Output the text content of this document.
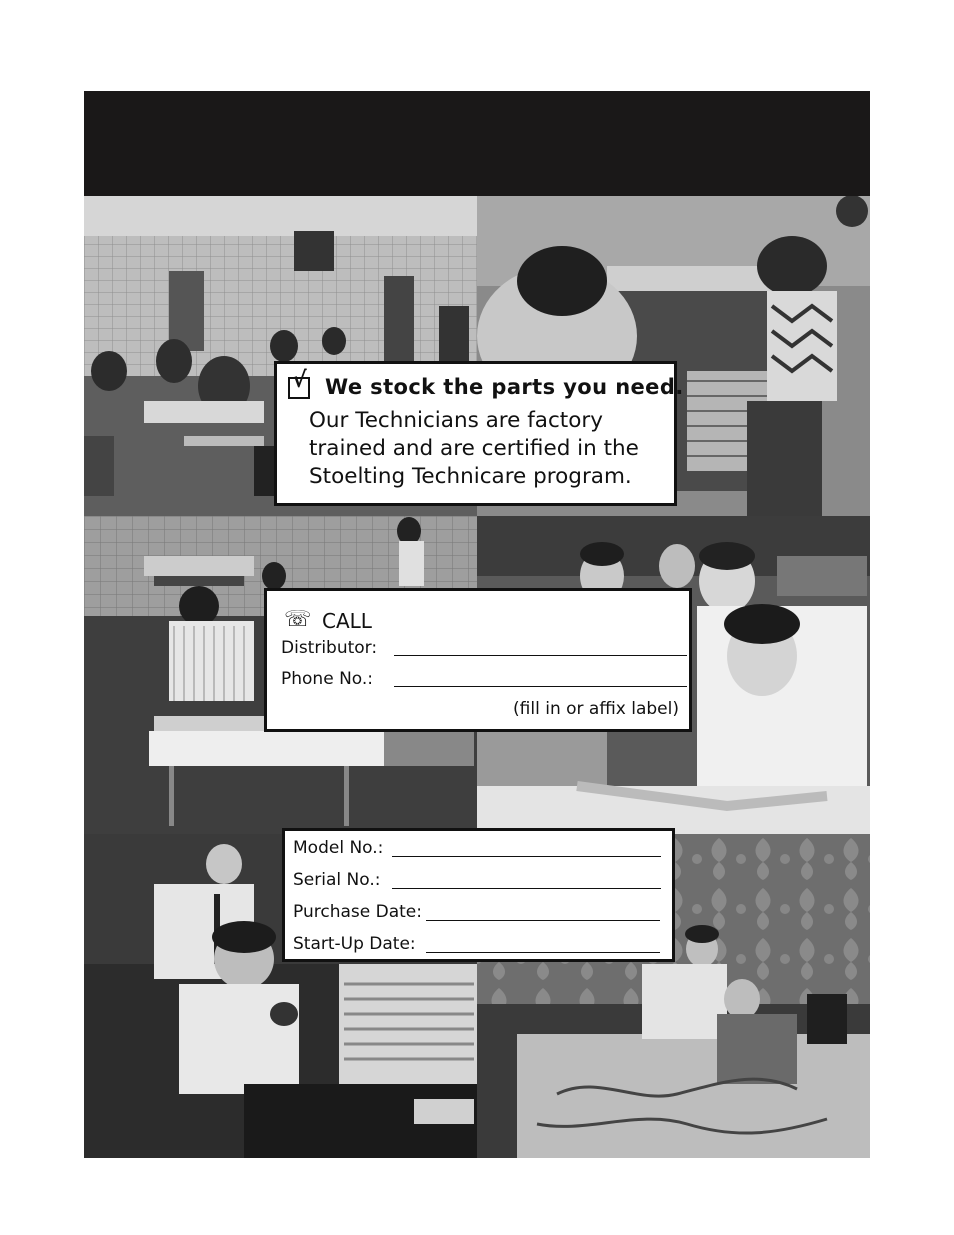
√ We stock the parts you need.
Our Technicians are factory
trained and are certified in the
Stoelting Technicare program.
☏ CALL
Distributor:
Phone No.:
(fill in or affix label)
Model No.:
Serial No.:
Purchase Date:
Start-Up Date:
